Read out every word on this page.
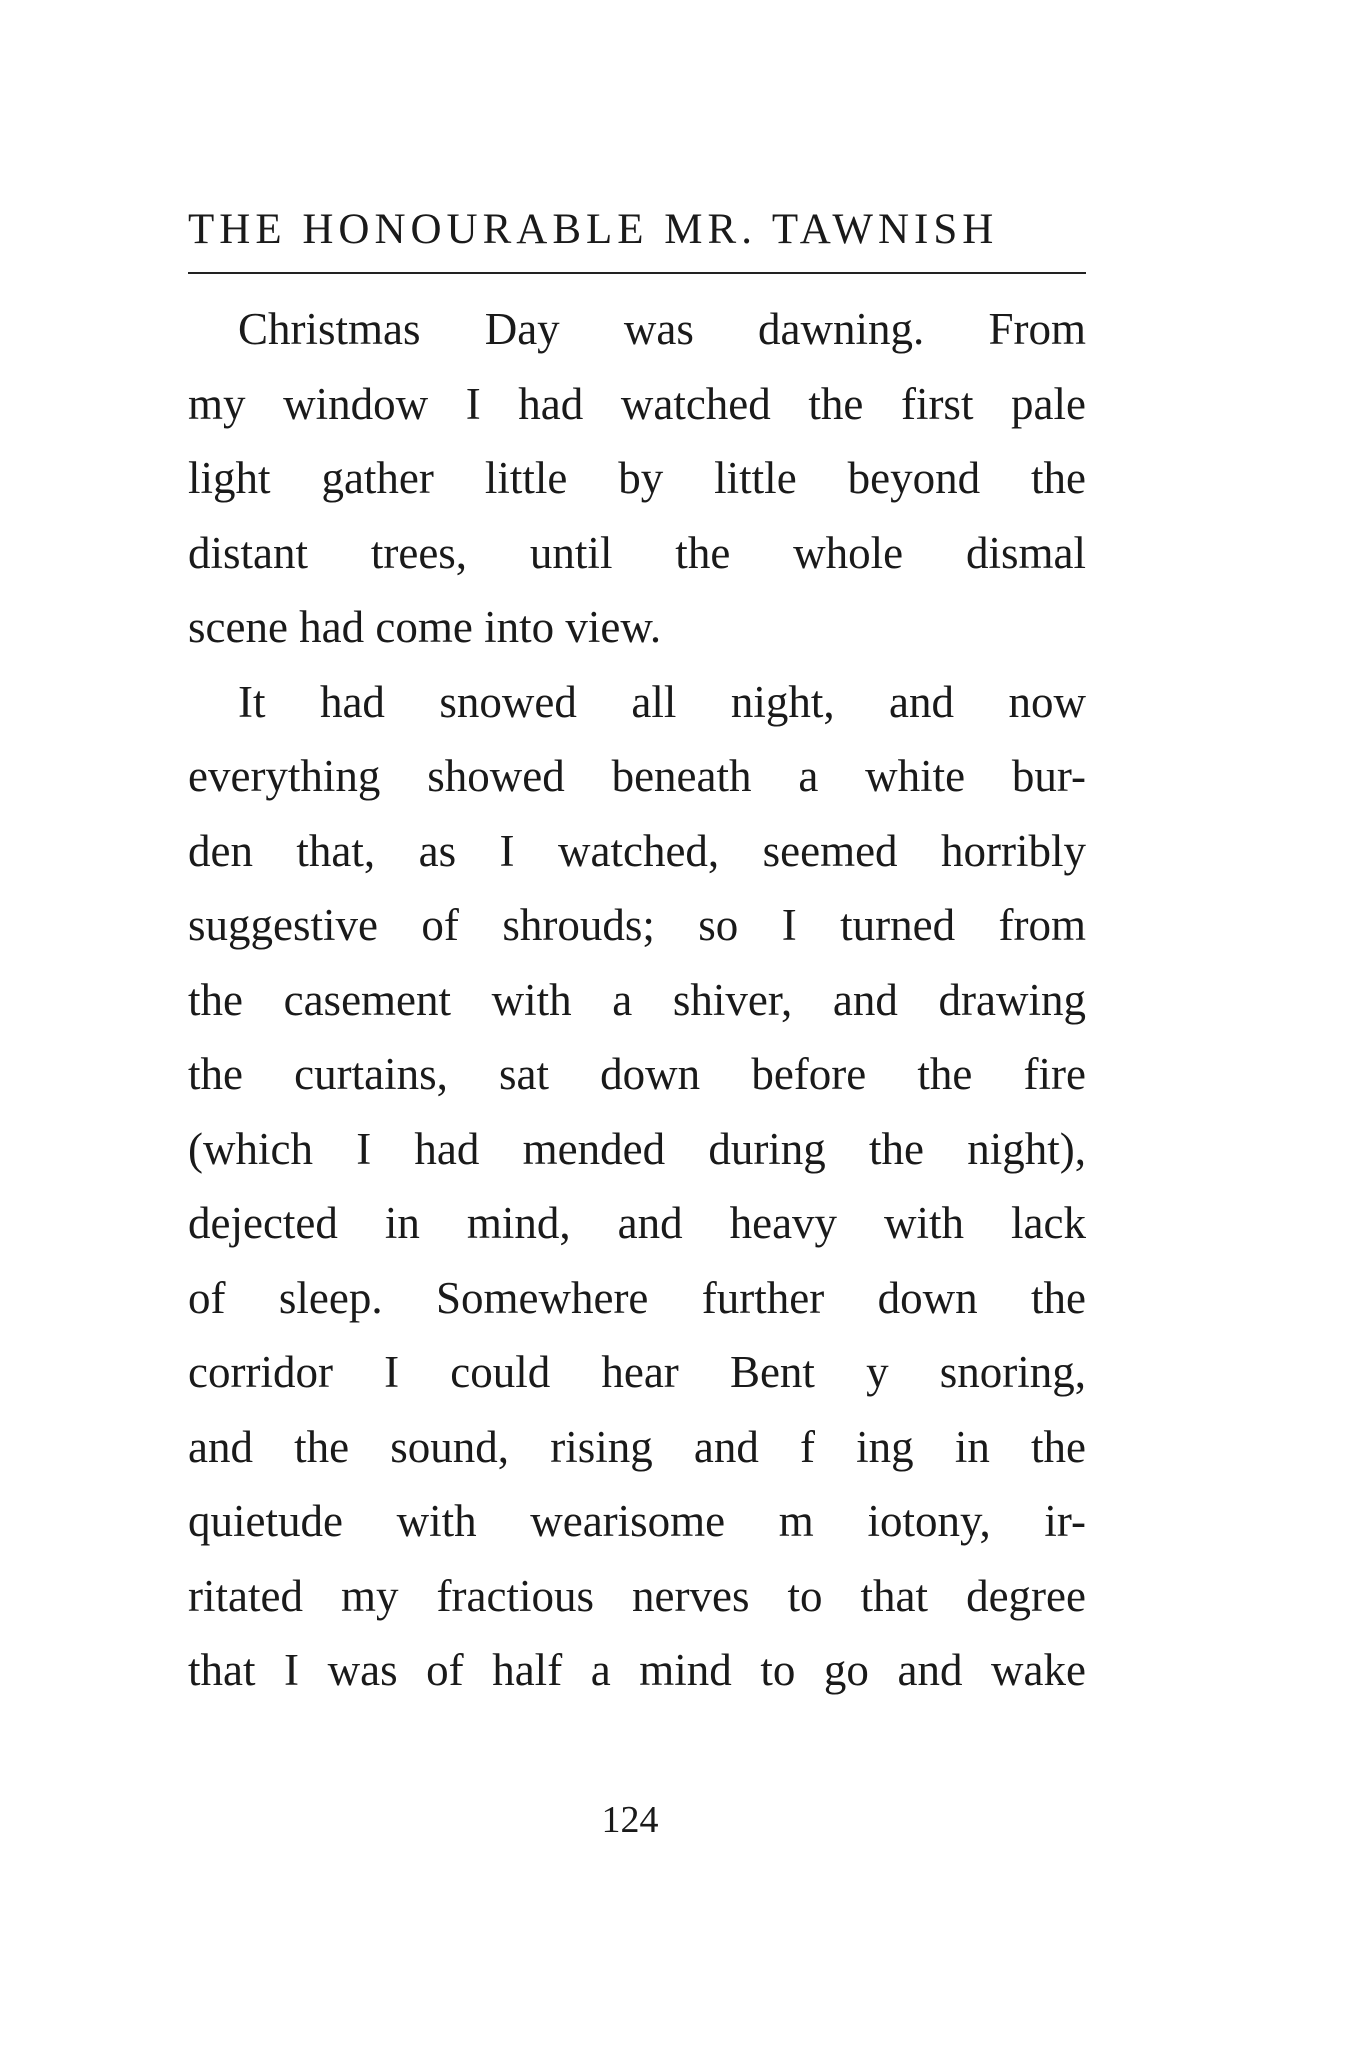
THE HONOURABLE MR. TAWNISH
Christmas Day was dawning. From
my window I had watched the first pale
light gather little by little beyond the
distant trees, until the whole dismal
scene had come into view.
It had snowed all night, and now
everything showed beneath a white bur-
den that, as I watched, seemed horribly
suggestive of shrouds; so I turned from
the casement with a shiver, and drawing
the curtains, sat down before the fire
(which I had mended during the night),
dejected in mind, and heavy with lack
of sleep. Somewhere further down the
corridor I could hear Bent y snoring,
and the sound, rising and f ing in the
quietude with wearisome m iotony, ir-
ritated my fractious nerves to that degree
that I was of half a mind to go and wake
124
